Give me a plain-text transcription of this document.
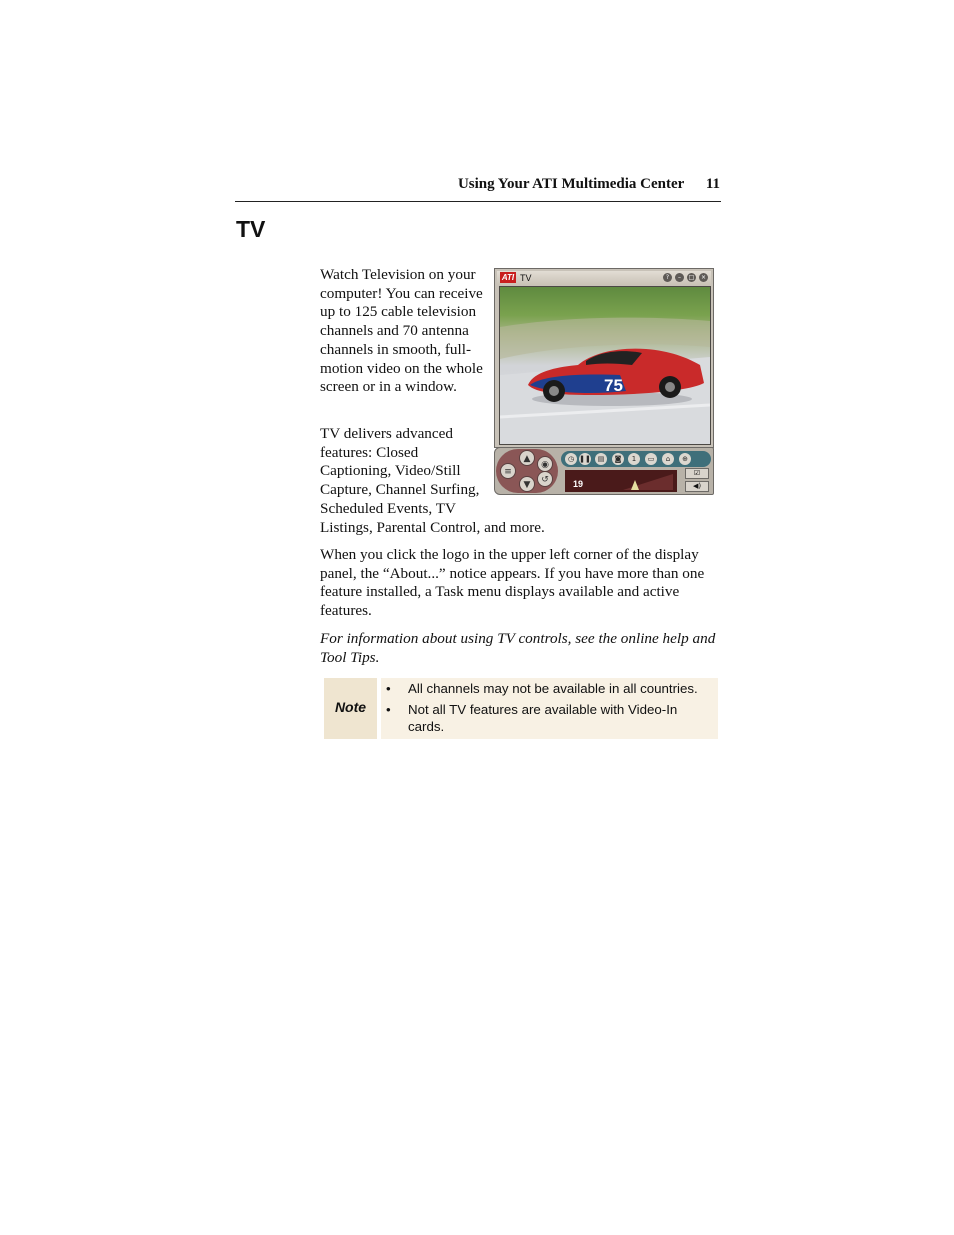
Using Your ATI Multimedia Center 11
TV
Watch Television on your computer! You can receive up to 125 cable television channels and 70 antenna channels in smooth, full-motion video on the whole screen or in a window.
TV delivers advanced features: Closed Captioning, Video/Still Capture, Channel Surfing, Scheduled Events, TV
Listings, Parental Control, and more.
When you click the logo in the upper left corner of the display panel, the “About...” notice appears. If you have more than one feature installed, a Task menu displays available and active features.
For information about using TV controls, see the online help and Tool Tips.
ATI TV	?	–	□	×
75
≡
▲
▼
◉
↺
◷ ❚❚ ▤	◙	1	▭	⌂	⊕
19
☑
◀)
Note
• All channels may not be available in all countries.
• Not all TV features are available with Video-In cards.
